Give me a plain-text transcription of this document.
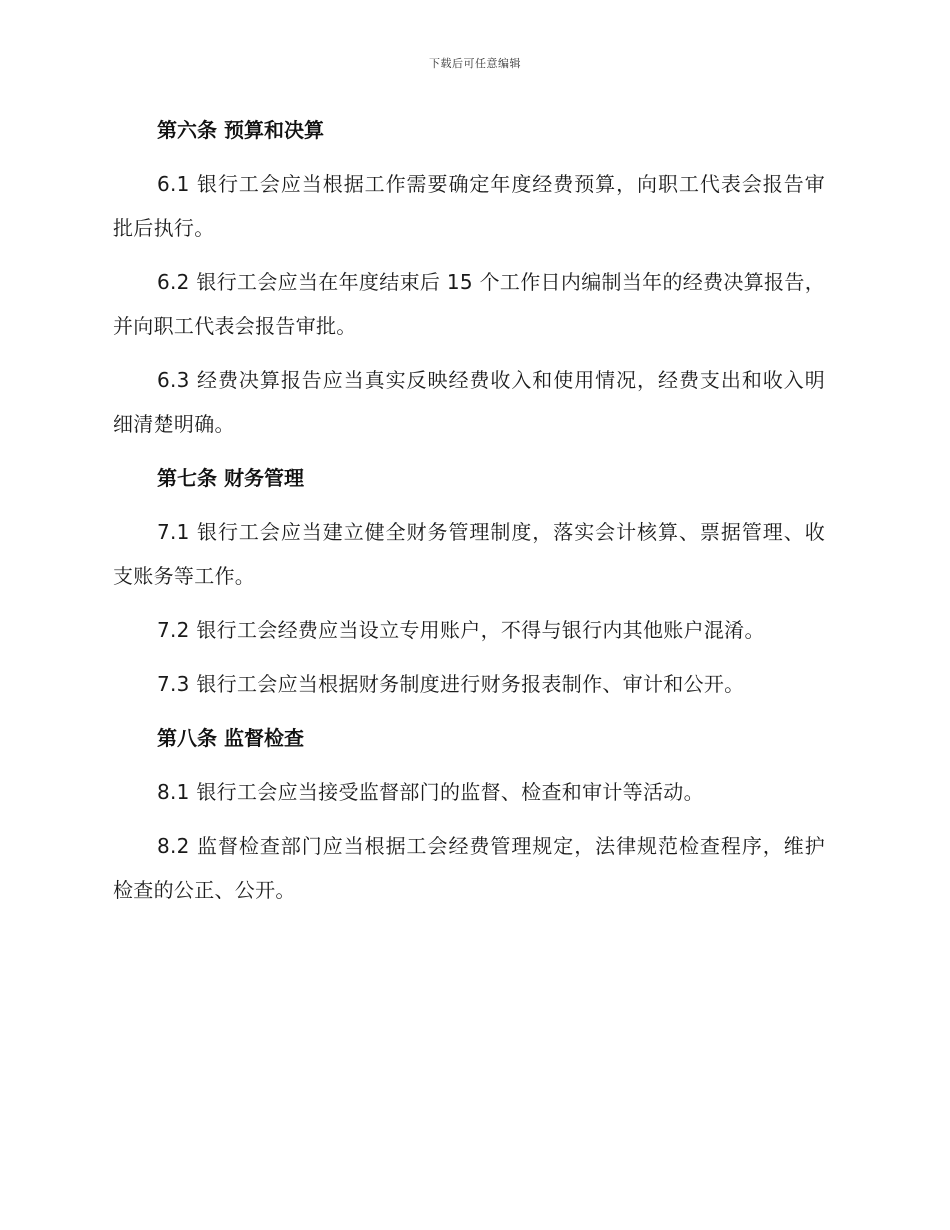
下载后可任意编辑
第六条 预算和决算

6.1 银行工会应当根据工作需要确定年度经费预算，向职工代表会报告审批后执行。

6.2 银行工会应当在年度结束后 15 个工作日内编制当年的经费决算报告，并向职工代表会报告审批。

6.3 经费决算报告应当真实反映经费收入和使用情况，经费支出和收入明细清楚明确。

第七条 财务管理

7.1 银行工会应当建立健全财务管理制度，落实会计核算、票据管理、收支账务等工作。

7.2 银行工会经费应当设立专用账户，不得与银行内其他账户混淆。

7.3 银行工会应当根据财务制度进行财务报表制作、审计和公开。

第八条 监督检查

8.1 银行工会应当接受监督部门的监督、检查和审计等活动。

8.2 监督检查部门应当根据工会经费管理规定，法律规范检查程序，维护检查的公正、公开。
